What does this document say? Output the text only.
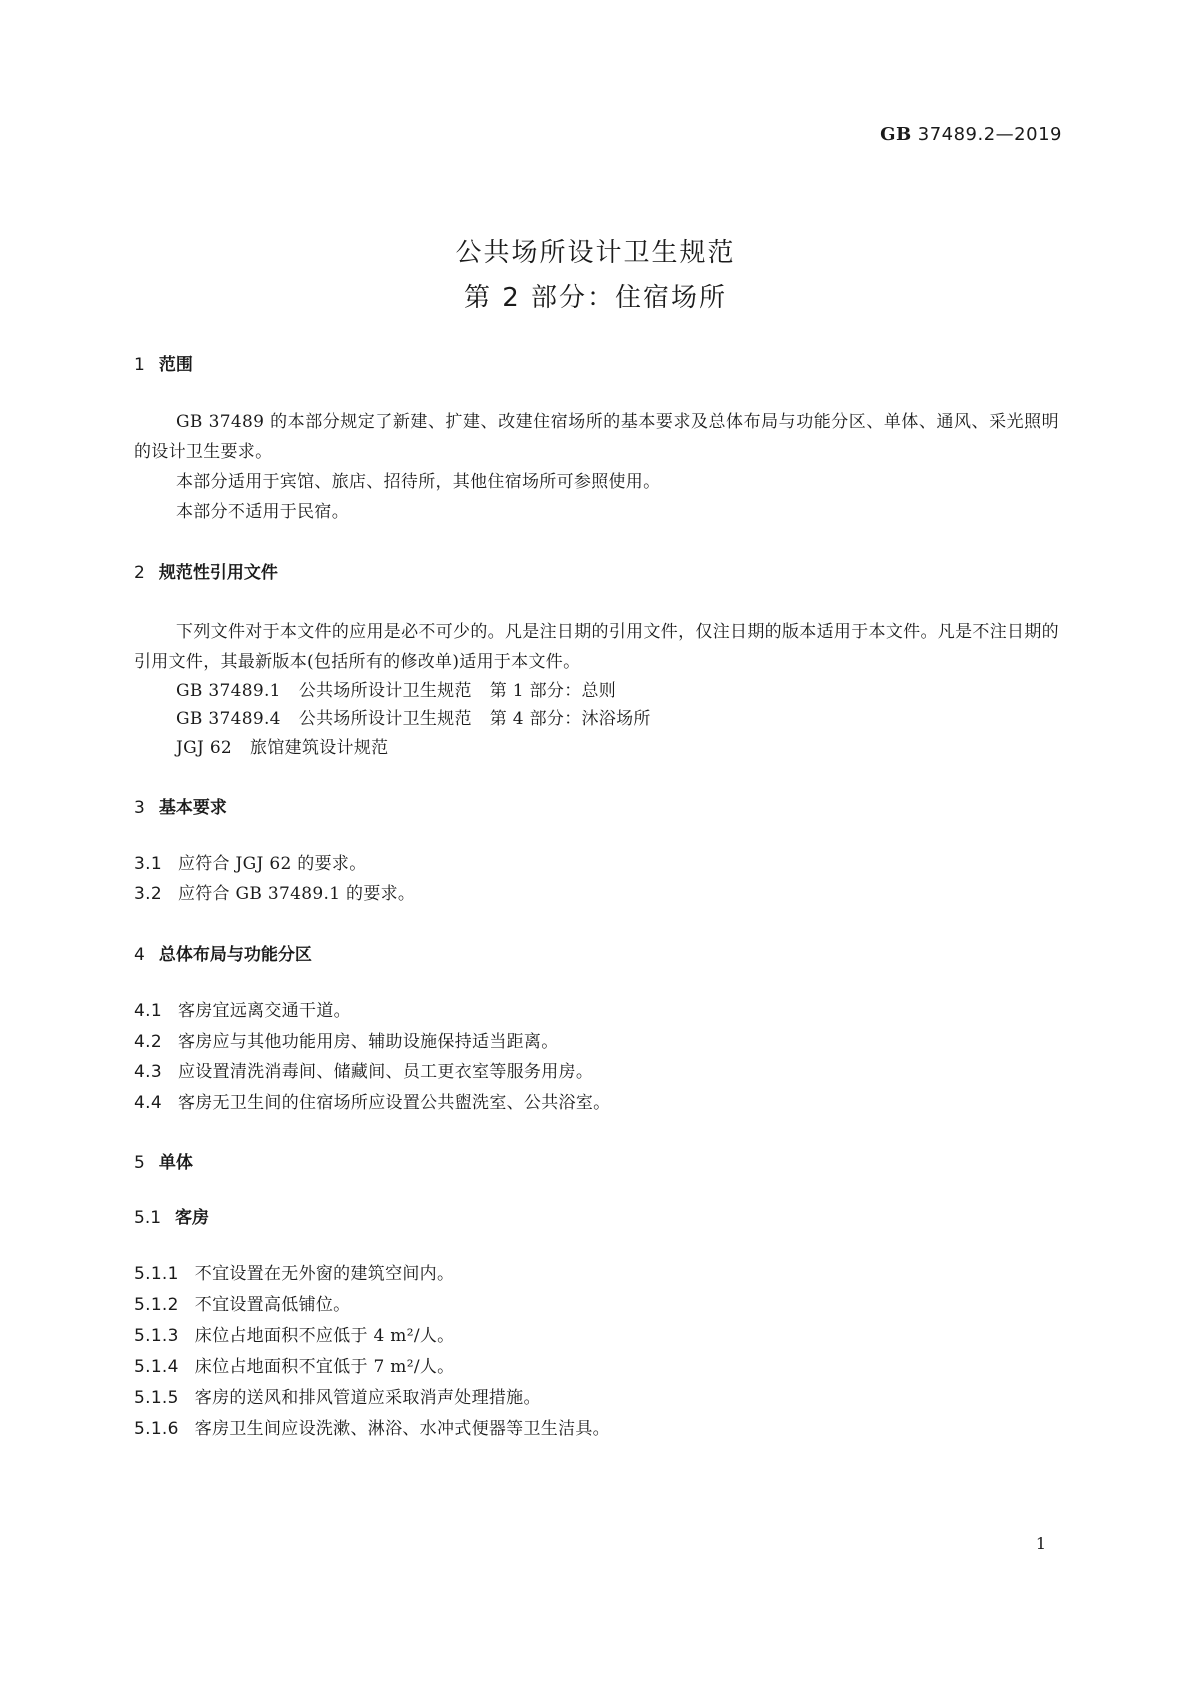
GB 37489.2—2019
公共场所设计卫生规范
第 2 部分：住宿场所
1 范围
GB 37489 的本部分规定了新建、扩建、改建住宿场所的基本要求及总体布局与功能分区、单体、通风、采光照明的设计卫生要求。
本部分适用于宾馆、旅店、招待所，其他住宿场所可参照使用。
本部分不适用于民宿。
2 规范性引用文件
下列文件对于本文件的应用是必不可少的。凡是注日期的引用文件，仅注日期的版本适用于本文件。凡是不注日期的引用文件，其最新版本(包括所有的修改单)适用于本文件。
GB 37489.1 公共场所设计卫生规范 第 1 部分：总则
GB 37489.4 公共场所设计卫生规范 第 4 部分：沐浴场所
JGJ 62 旅馆建筑设计规范
3 基本要求
3.1 应符合 JGJ 62 的要求。
3.2 应符合 GB 37489.1 的要求。
4 总体布局与功能分区
4.1 客房宜远离交通干道。
4.2 客房应与其他功能用房、辅助设施保持适当距离。
4.3 应设置清洗消毒间、储藏间、员工更衣室等服务用房。
4.4 客房无卫生间的住宿场所应设置公共盥洗室、公共浴室。
5 单体
5.1 客房
5.1.1 不宜设置在无外窗的建筑空间内。
5.1.2 不宜设置高低铺位。
5.1.3 床位占地面积不应低于 4 m²/人。
5.1.4 床位占地面积不宜低于 7 m²/人。
5.1.5 客房的送风和排风管道应采取消声处理措施。
5.1.6 客房卫生间应设洗漱、淋浴、水冲式便器等卫生洁具。
1
